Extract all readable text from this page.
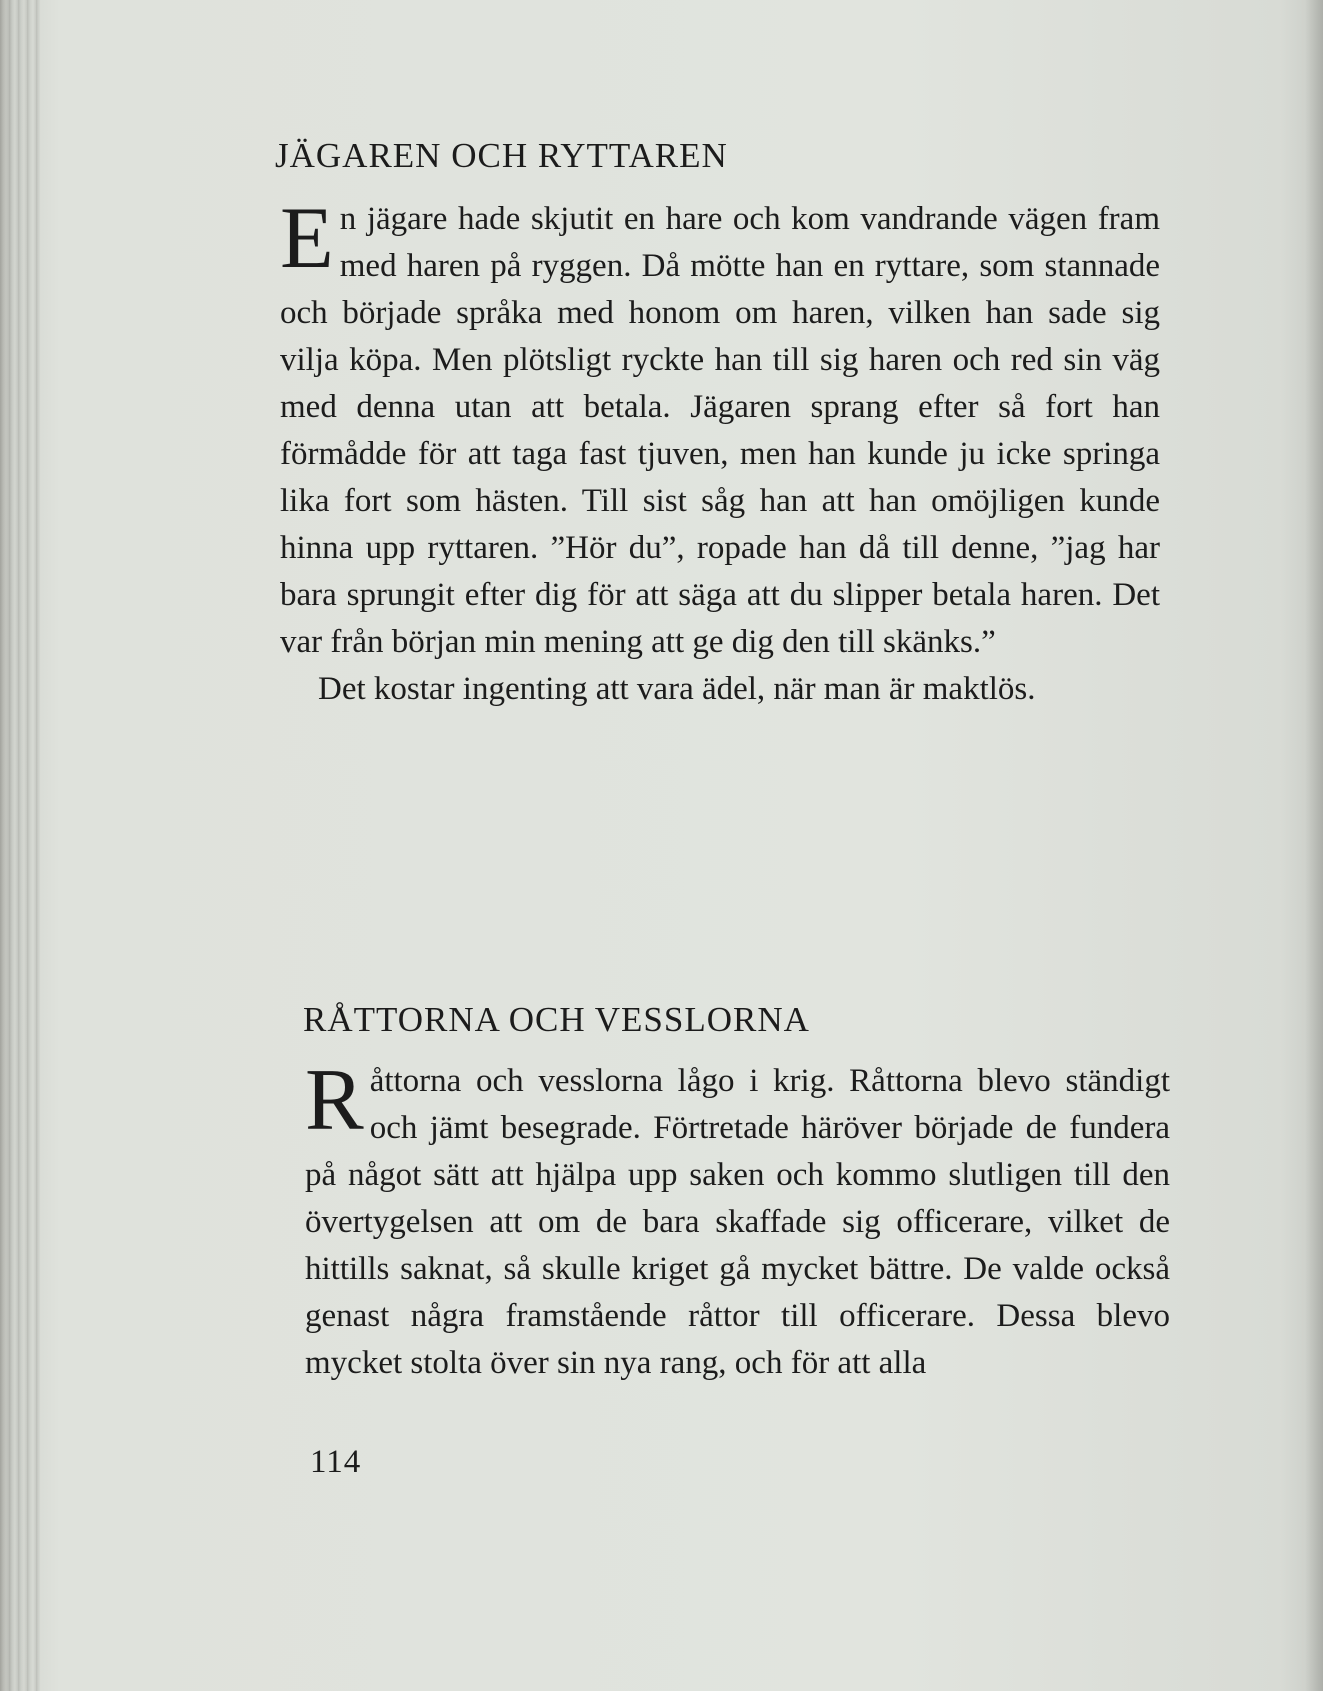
JÄGAREN OCH RYTTAREN

En jägare hade skjutit en hare och kom vandrande vägen fram med haren på ryggen. Då mötte han en ryttare, som stannade och började språka med honom om haren, vilken han sade sig vilja köpa. Men plötsligt ryckte han till sig haren och red sin väg med denna utan att betala. Jägaren sprang efter så fort han förmådde för att taga fast tjuven, men han kunde ju icke springa lika fort som hästen. Till sist såg han att han omöjligen kunde hinna upp ryttaren. ”Hör du”, ropade han då till denne, ”jag har bara sprungit efter dig för att säga att du slipper betala haren. Det var från början min mening att ge dig den till skänks.”

Det kostar ingenting att vara ädel, när man är maktlös.

RÅTTORNA OCH VESSLORNA

Råttorna och vesslorna lågo i krig. Råttorna blevo ständigt och jämt besegrade. Förtretade häröver började de fundera på något sätt att hjälpa upp saken och kommo slutligen till den övertygelsen att om de bara skaffade sig officerare, vilket de hittills saknat, så skulle kriget gå mycket bättre. De valde också genast några framstående råttor till officerare. Dessa blevo mycket stolta över sin nya rang, och för att alla

114
